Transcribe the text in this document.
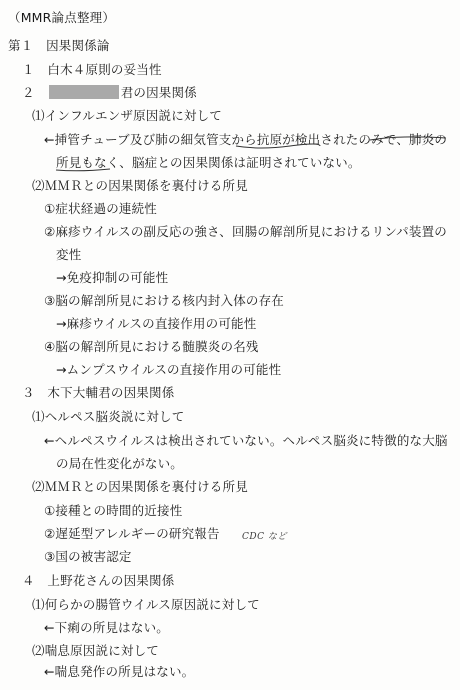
（MMR論点整理）
第１　因果関係論
１　白木４原則の妥当性
２	君の因果関係
⑴インフルエンザ原因説に対して
←挿管チューブ及び肺の細気管支から抗原が検出されたのみで、肺炎の
所見もなく、脳症との因果関係は証明されていない。
⑵ＭＭＲとの因果関係を裏付ける所見
①症状経過の連続性
②麻疹ウイルスの副反応の強さ、回腸の解剖所見におけるリンパ装置の
変性
→免疫抑制の可能性
③脳の解剖所見における核内封入体の存在
→麻疹ウイルスの直接作用の可能性
④脳の解剖所見における髄膜炎の名残
→ムンプスウイルスの直接作用の可能性
３　木下大輔君の因果関係
⑴ヘルペス脳炎説に対して
←ヘルペスウイルスは検出されていない。ヘルペス脳炎に特徴的な大脳
の局在性変化がない。
⑵ＭＭＲとの因果関係を裏付ける所見
①接種との時間的近接性
②遅延型アレルギーの研究報告 CDC など
③国の被害認定
４　上野花さんの因果関係
⑴何らかの腸管ウイルス原因説に対して
←下痢の所見はない。
⑵喘息原因説に対して
←喘息発作の所見はない。
